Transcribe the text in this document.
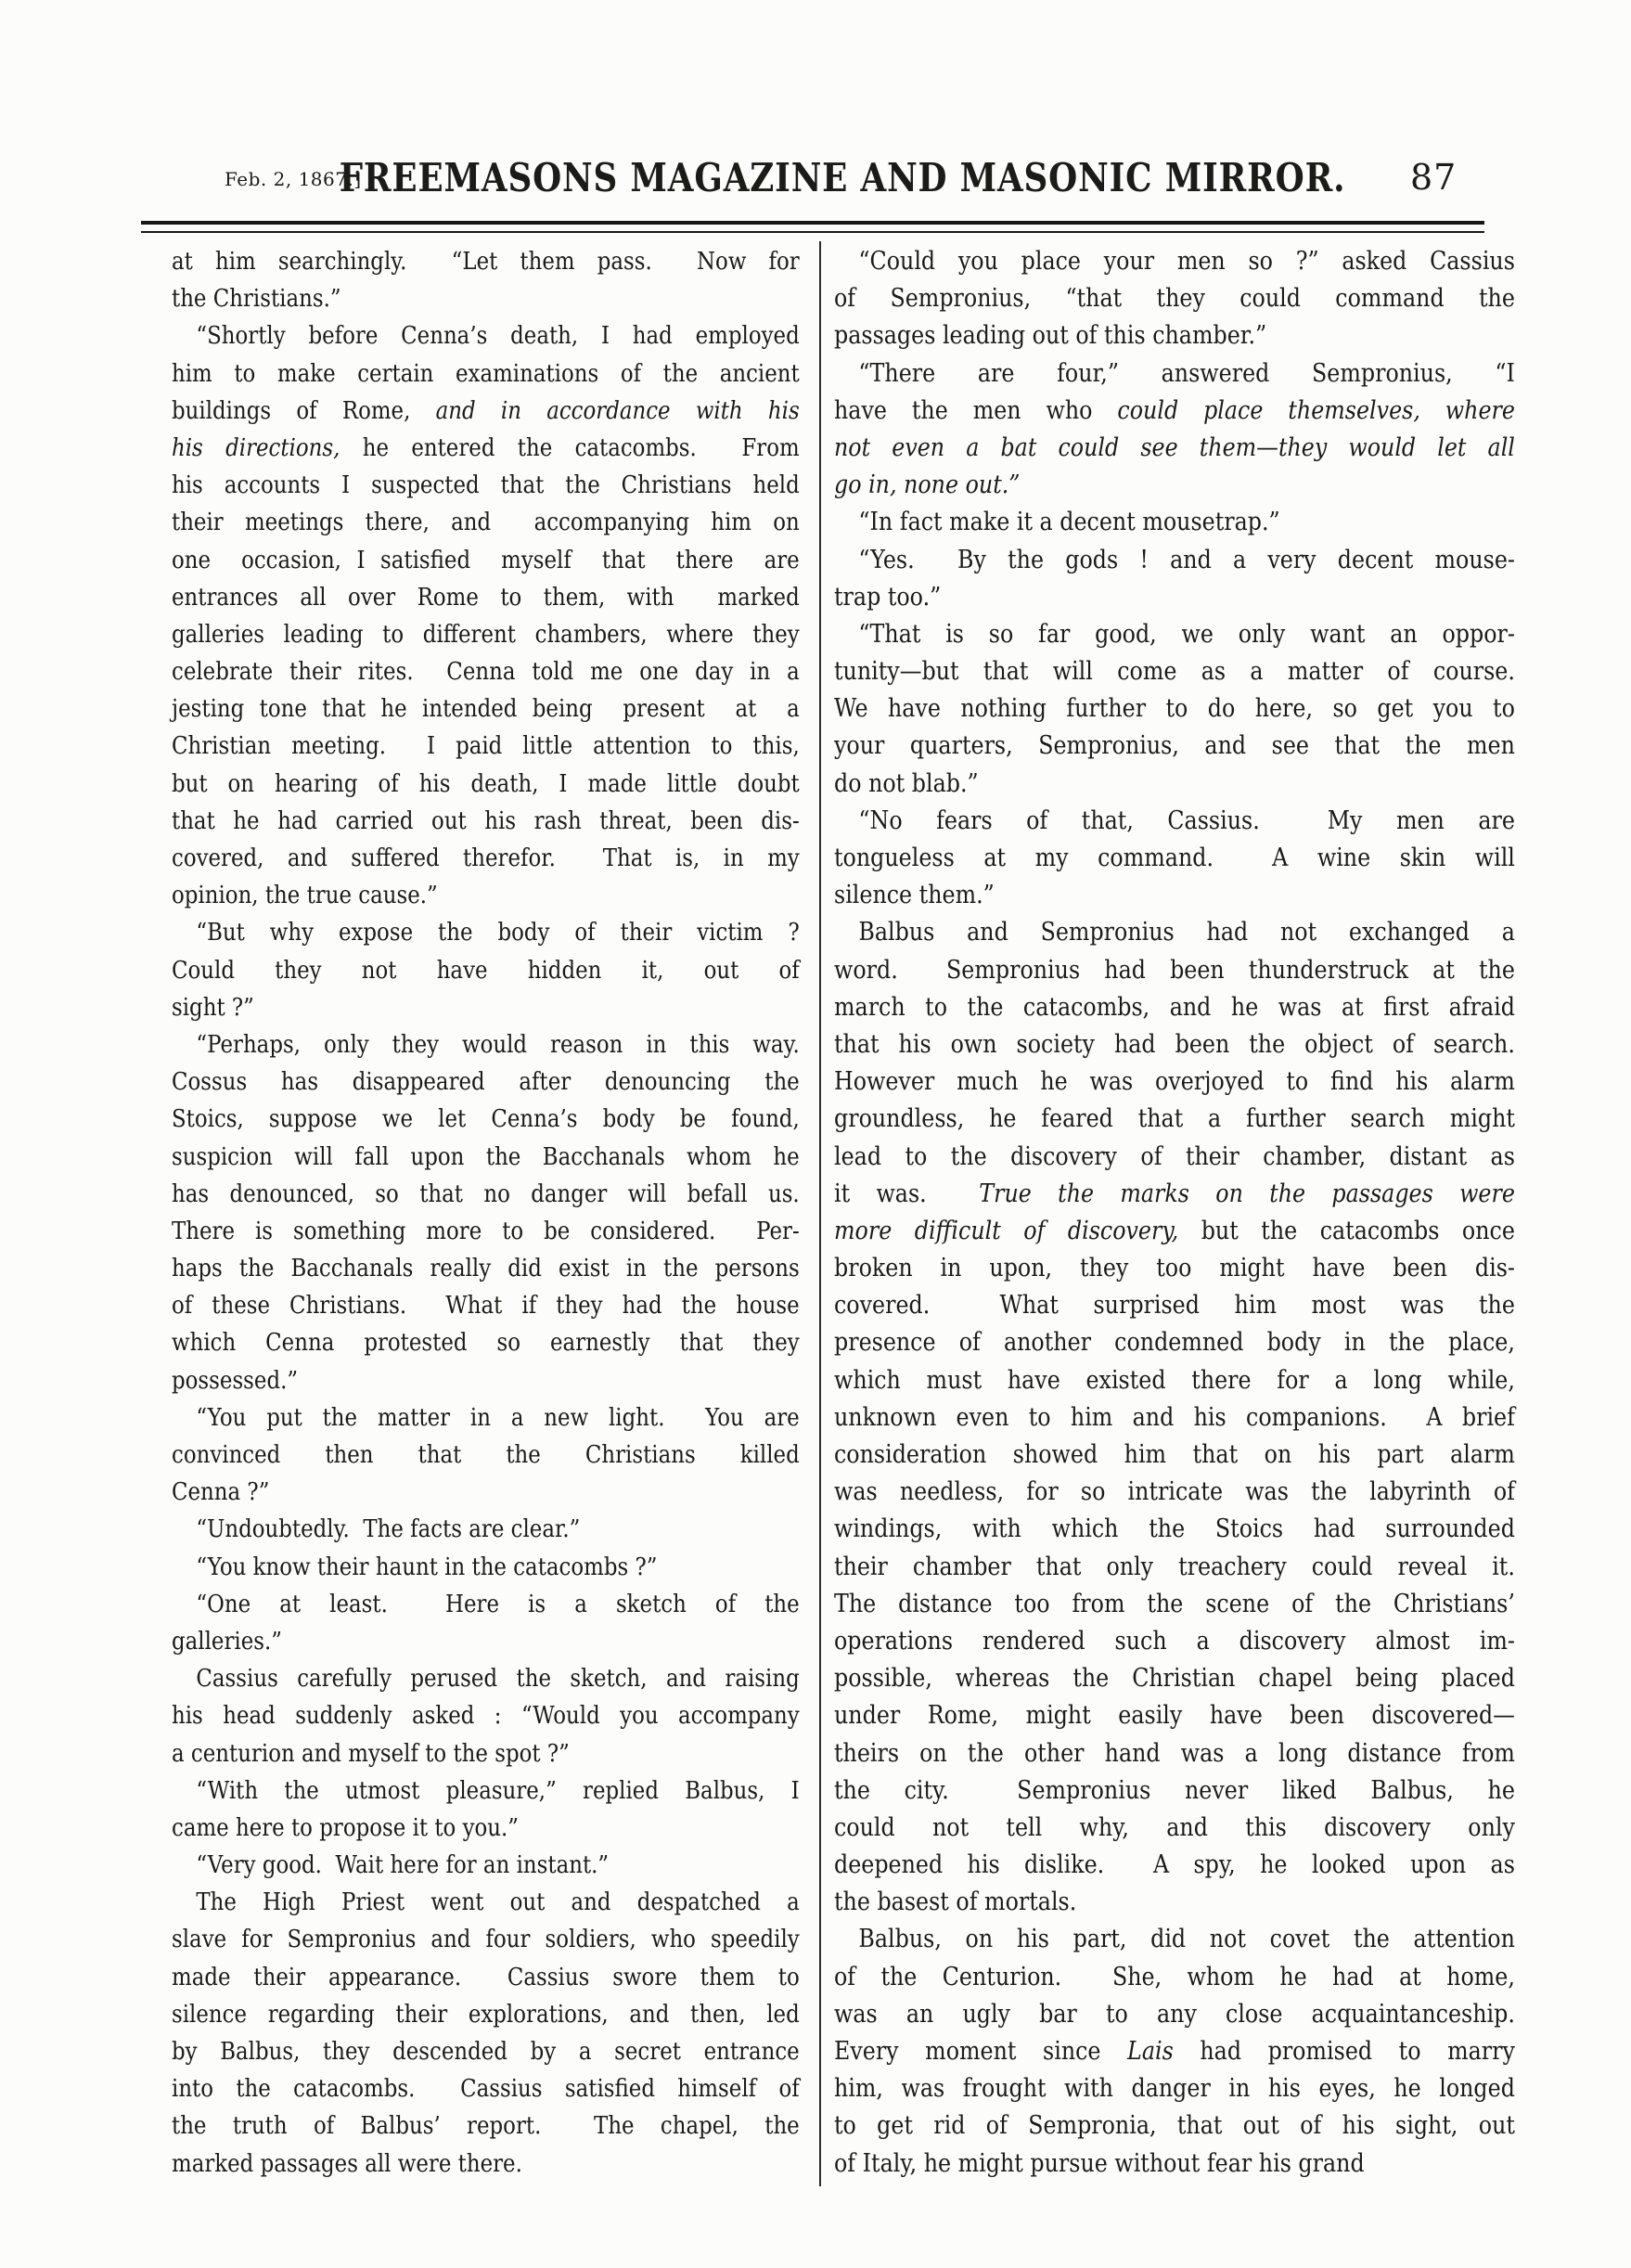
Feb. 2, 1867.]
FREEMASONS MAGAZINE AND MASONIC MIRROR.	87
at him searchingly.  “Let them pass.  Now for
the Christians.”
“Shortly before Cenna’s death, I had employed
him to make certain examinations of the ancient
buildings of Rome, and in accordance with his
his directions, he entered the catacombs.  From
his accounts I suspected that the Christians held
their meetings there, and  accompanying him on
one  occasion, I satisfied  myself  that  there  are
entrances all over Rome to them, with  marked
galleries leading to different chambers, where they
celebrate their rites.  Cenna told me one day in a
jesting tone that he intended being  present  at  a
Christian meeting.  I paid little attention to this,
but on hearing of his death, I made little doubt
that he had carried out his rash threat, been dis-
covered, and suffered therefor.  That is, in my
opinion, the true cause.”
“But why expose the body of their victim ?
Could they not have hidden it, out of
sight ?”
“Perhaps, only they would reason in this way.
Cossus has disappeared after denouncing the
Stoics, suppose we let Cenna’s body be found,
suspicion will fall upon the Bacchanals whom he
has denounced, so that no danger will befall us.
There is something more to be considered.  Per-
haps the Bacchanals really did exist in the persons
of these Christians.  What if they had the house
which Cenna protested so earnestly that they
possessed.”
“You put the matter in a new light.  You are
convinced then that the Christians killed
Cenna ?”
“Undoubtedly.  The facts are clear.”
“You know their haunt in the catacombs ?”
“One at least.  Here is a sketch of the
galleries.”
Cassius carefully perused the sketch, and raising
his head suddenly asked : “Would you accompany
a centurion and myself to the spot ?”
“With the utmost pleasure,” replied Balbus, I
came here to propose it to you.”
“Very good.  Wait here for an instant.”
The High Priest went out and despatched a
slave for Sempronius and four soldiers, who speedily
made their appearance.  Cassius swore them to
silence regarding their explorations, and then, led
by Balbus, they descended by a secret entrance
into the catacombs.  Cassius satisfied himself of
the truth of Balbus’ report.  The chapel, the
marked passages all were there.
“Could you place your men so ?” asked Cassius
of Sempronius, “that they could command the
passages leading out of this chamber.”
“There are four,” answered Sempronius, “I
have the men who could place themselves, where
not even a bat could see them—they would let all
go in, none out.”
“In fact make it a decent mousetrap.”
“Yes.  By the gods ! and a very decent mouse-
trap too.”
“That is so far good, we only want an oppor-
tunity—but that will come as a matter of course.
We have nothing further to do here, so get you to
your quarters, Sempronius, and see that the men
do not blab.”
“No fears of that, Cassius.  My men are
tongueless at my command.  A wine skin will
silence them.”
Balbus and Sempronius had not exchanged a
word.  Sempronius had been thunderstruck at the
march to the catacombs, and he was at first afraid
that his own society had been the object of search.
However much he was overjoyed to find his alarm
groundless, he feared that a further search might
lead to the discovery of their chamber, distant as
it was.  True the marks on the passages were
more difficult of discovery, but the catacombs once
broken in upon, they too might have been dis-
covered.  What surprised him most was the
presence of another condemned body in the place,
which must have existed there for a long while,
unknown even to him and his companions.  A brief
consideration showed him that on his part alarm
was needless, for so intricate was the labyrinth of
windings, with which the Stoics had surrounded
their chamber that only treachery could reveal it.
The distance too from the scene of the Christians’
operations rendered such a discovery almost im-
possible, whereas the Christian chapel being placed
under Rome, might easily have been discovered—
theirs on the other hand was a long distance from
the city.  Sempronius never liked Balbus, he
could not tell why, and this discovery only
deepened his dislike.  A spy, he looked upon as
the basest of mortals.
Balbus, on his part, did not covet the attention
of the Centurion.  She, whom he had at home,
was an ugly bar to any close acquaintanceship.
Every moment since Lais had promised to marry
him, was frought with danger in his eyes, he longed
to get rid of Sempronia, that out of his sight, out
of Italy, he might pursue without fear his grand
